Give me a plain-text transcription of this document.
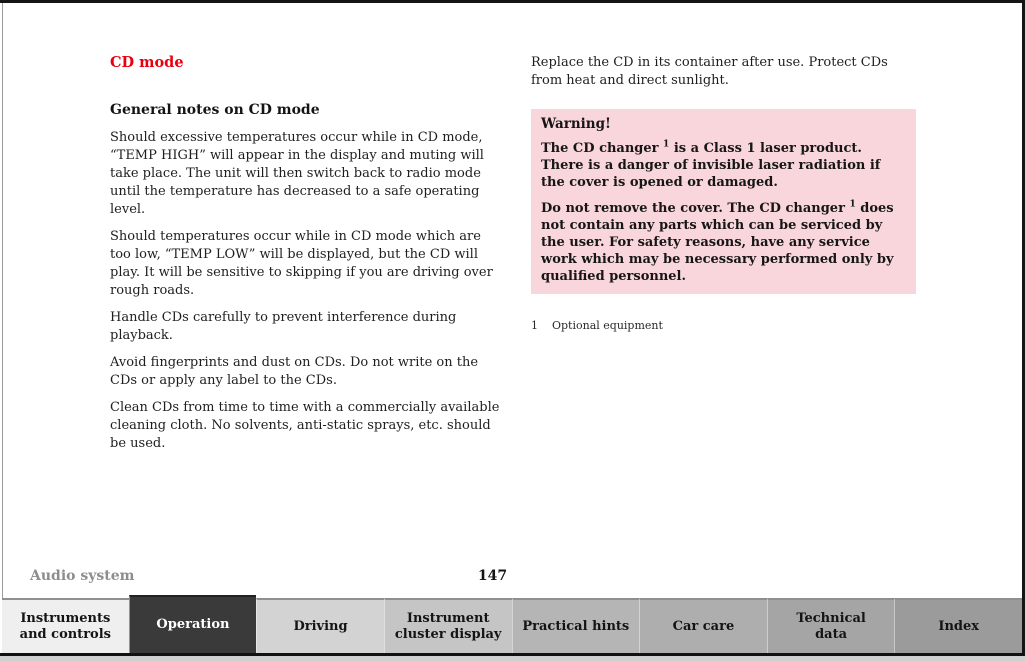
CD mode
General notes on CD mode

Should excessive temperatures occur while in CD mode, “TEMP HIGH” will appear in the display and muting will take place. The unit will then switch back to radio mode until the temperature has decreased to a safe operating level.

Should temperatures occur while in CD mode which are too low, “TEMP LOW” will be displayed, but the CD will play. It will be sensitive to skipping if you are driving over rough roads.

Handle CDs carefully to prevent interference during playback.

Avoid fingerprints and dust on CDs. Do not write on the CDs or apply any label to the CDs.

Clean CDs from time to time with a commercially available cleaning cloth. No solvents, anti-static sprays, etc. should be used.

Replace the CD in its container after use. Protect CDs from heat and direct sunlight.

Warning!

The CD changer $^1$ is a Class 1 laser product. There is a danger of invisible laser radiation if the cover is opened or damaged.

Do not remove the cover. The CD changer $^1$ does not contain any parts which can be serviced by the user. For safety reasons, have any service work which may be necessary performed only by qualified personnel.

1 Optional equipment

147
Audio system
Instruments
and controls
Operation	Driving
Instrument
cluster display
Practical hints	Car care
Technical
data
Index
